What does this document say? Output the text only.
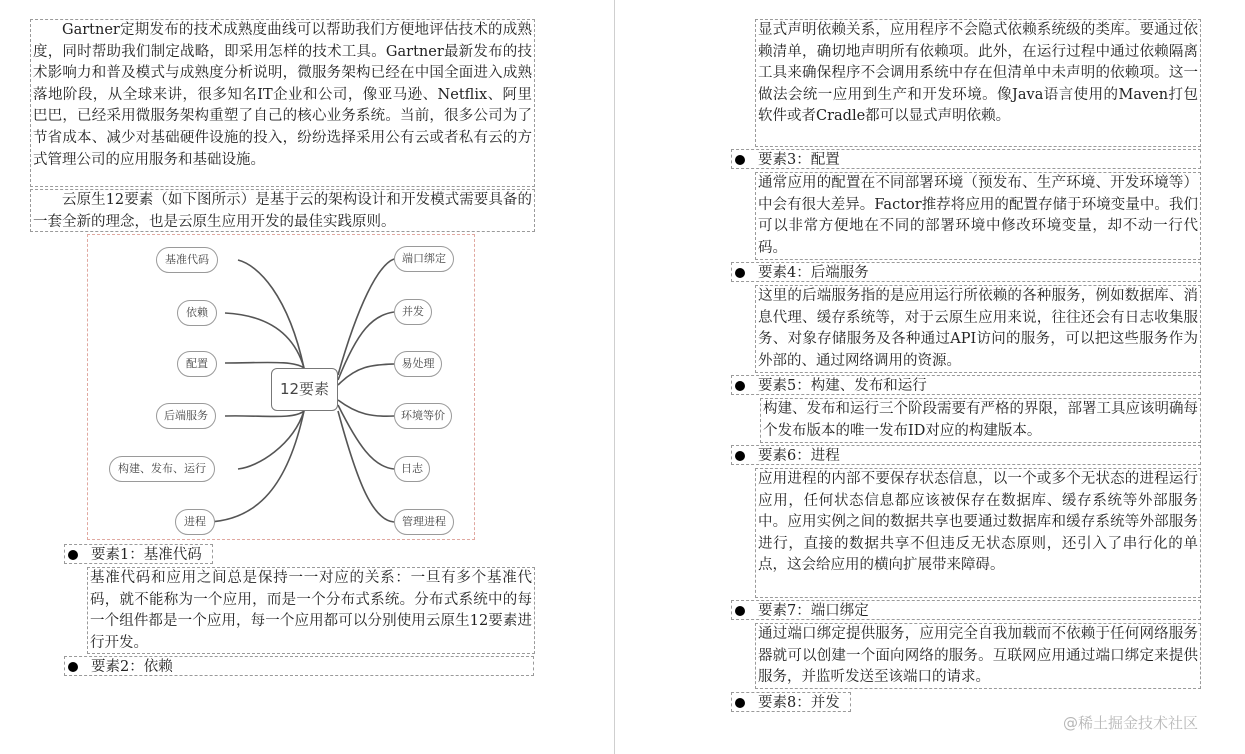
Gartner定期发布的技术成熟度曲线可以帮助我们方便地评估技术的成熟度，同时帮助我们制定战略，即采用怎样的技术工具。Gartner最新发布的技术影响力和普及模式与成熟度分析说明，微服务架构已经在中国全面进入成熟落地阶段，从全球来讲，很多知名IT企业和公司，像亚马逊、Netflix、阿里巴巴，已经采用微服务架构重塑了自己的核心业务系统。当前，很多公司为了节省成本、减少对基础硬件设施的投入，纷纷选择采用公有云或者私有云的方式管理公司的应用服务和基础设施。
云原生12要素（如下图所示）是基于云的架构设计和开发模式需要具备的一套全新的理念，也是云原生应用开发的最佳实践原则。
12要素
基准代码
依赖
配置
后端服务
构建、发布、运行
进程
端口绑定
并发
易处理
环境等价
日志
管理进程
要素1：基准代码
基准代码和应用之间总是保持一一对应的关系：一旦有多个基准代码，就不能称为一个应用，而是一个分布式系统。分布式系统中的每一个组件都是一个应用，每一个应用都可以分别使用云原生12要素进行开发。
要素2：依赖
显式声明依赖关系，应用程序不会隐式依赖系统级的类库。要通过依赖清单，确切地声明所有依赖项。此外，在运行过程中通过依赖隔离工具来确保程序不会调用系统中存在但清单中未声明的依赖项。这一做法会统一应用到生产和开发环境。像Java语言使用的Maven打包软件或者Cradle都可以显式声明依赖。
要素3：配置
通常应用的配置在不同部署环境（预发布、生产环境、开发环境等）中会有很大差异。Factor推荐将应用的配置存储于环境变量中。我们可以非常方便地在不同的部署环境中修改环境变量，却不动一行代码。
要素4：后端服务
这里的后端服务指的是应用运行所依赖的各种服务，例如数据库、消息代理、缓存系统等，对于云原生应用来说，往往还会有日志收集服务、对象存储服务及各种通过API访问的服务，可以把这些服务作为外部的、通过网络调用的资源。
要素5：构建、发布和运行
构建、发布和运行三个阶段需要有严格的界限，部署工具应该明确每个发布版本的唯一发布ID对应的构建版本。
要素6：进程
应用进程的内部不要保存状态信息，以一个或多个无状态的进程运行应用，任何状态信息都应该被保存在数据库、缓存系统等外部服务中。应用实例之间的数据共享也要通过数据库和缓存系统等外部服务进行，直接的数据共享不但违反无状态原则，还引入了串行化的单点，这会给应用的横向扩展带来障碍。
要素7：端口绑定
通过端口绑定提供服务，应用完全自我加载而不依赖于任何网络服务器就可以创建一个面向网络的服务。互联网应用通过端口绑定来提供服务，并监听发送至该端口的请求。
要素8：并发
@稀土掘金技术社区
